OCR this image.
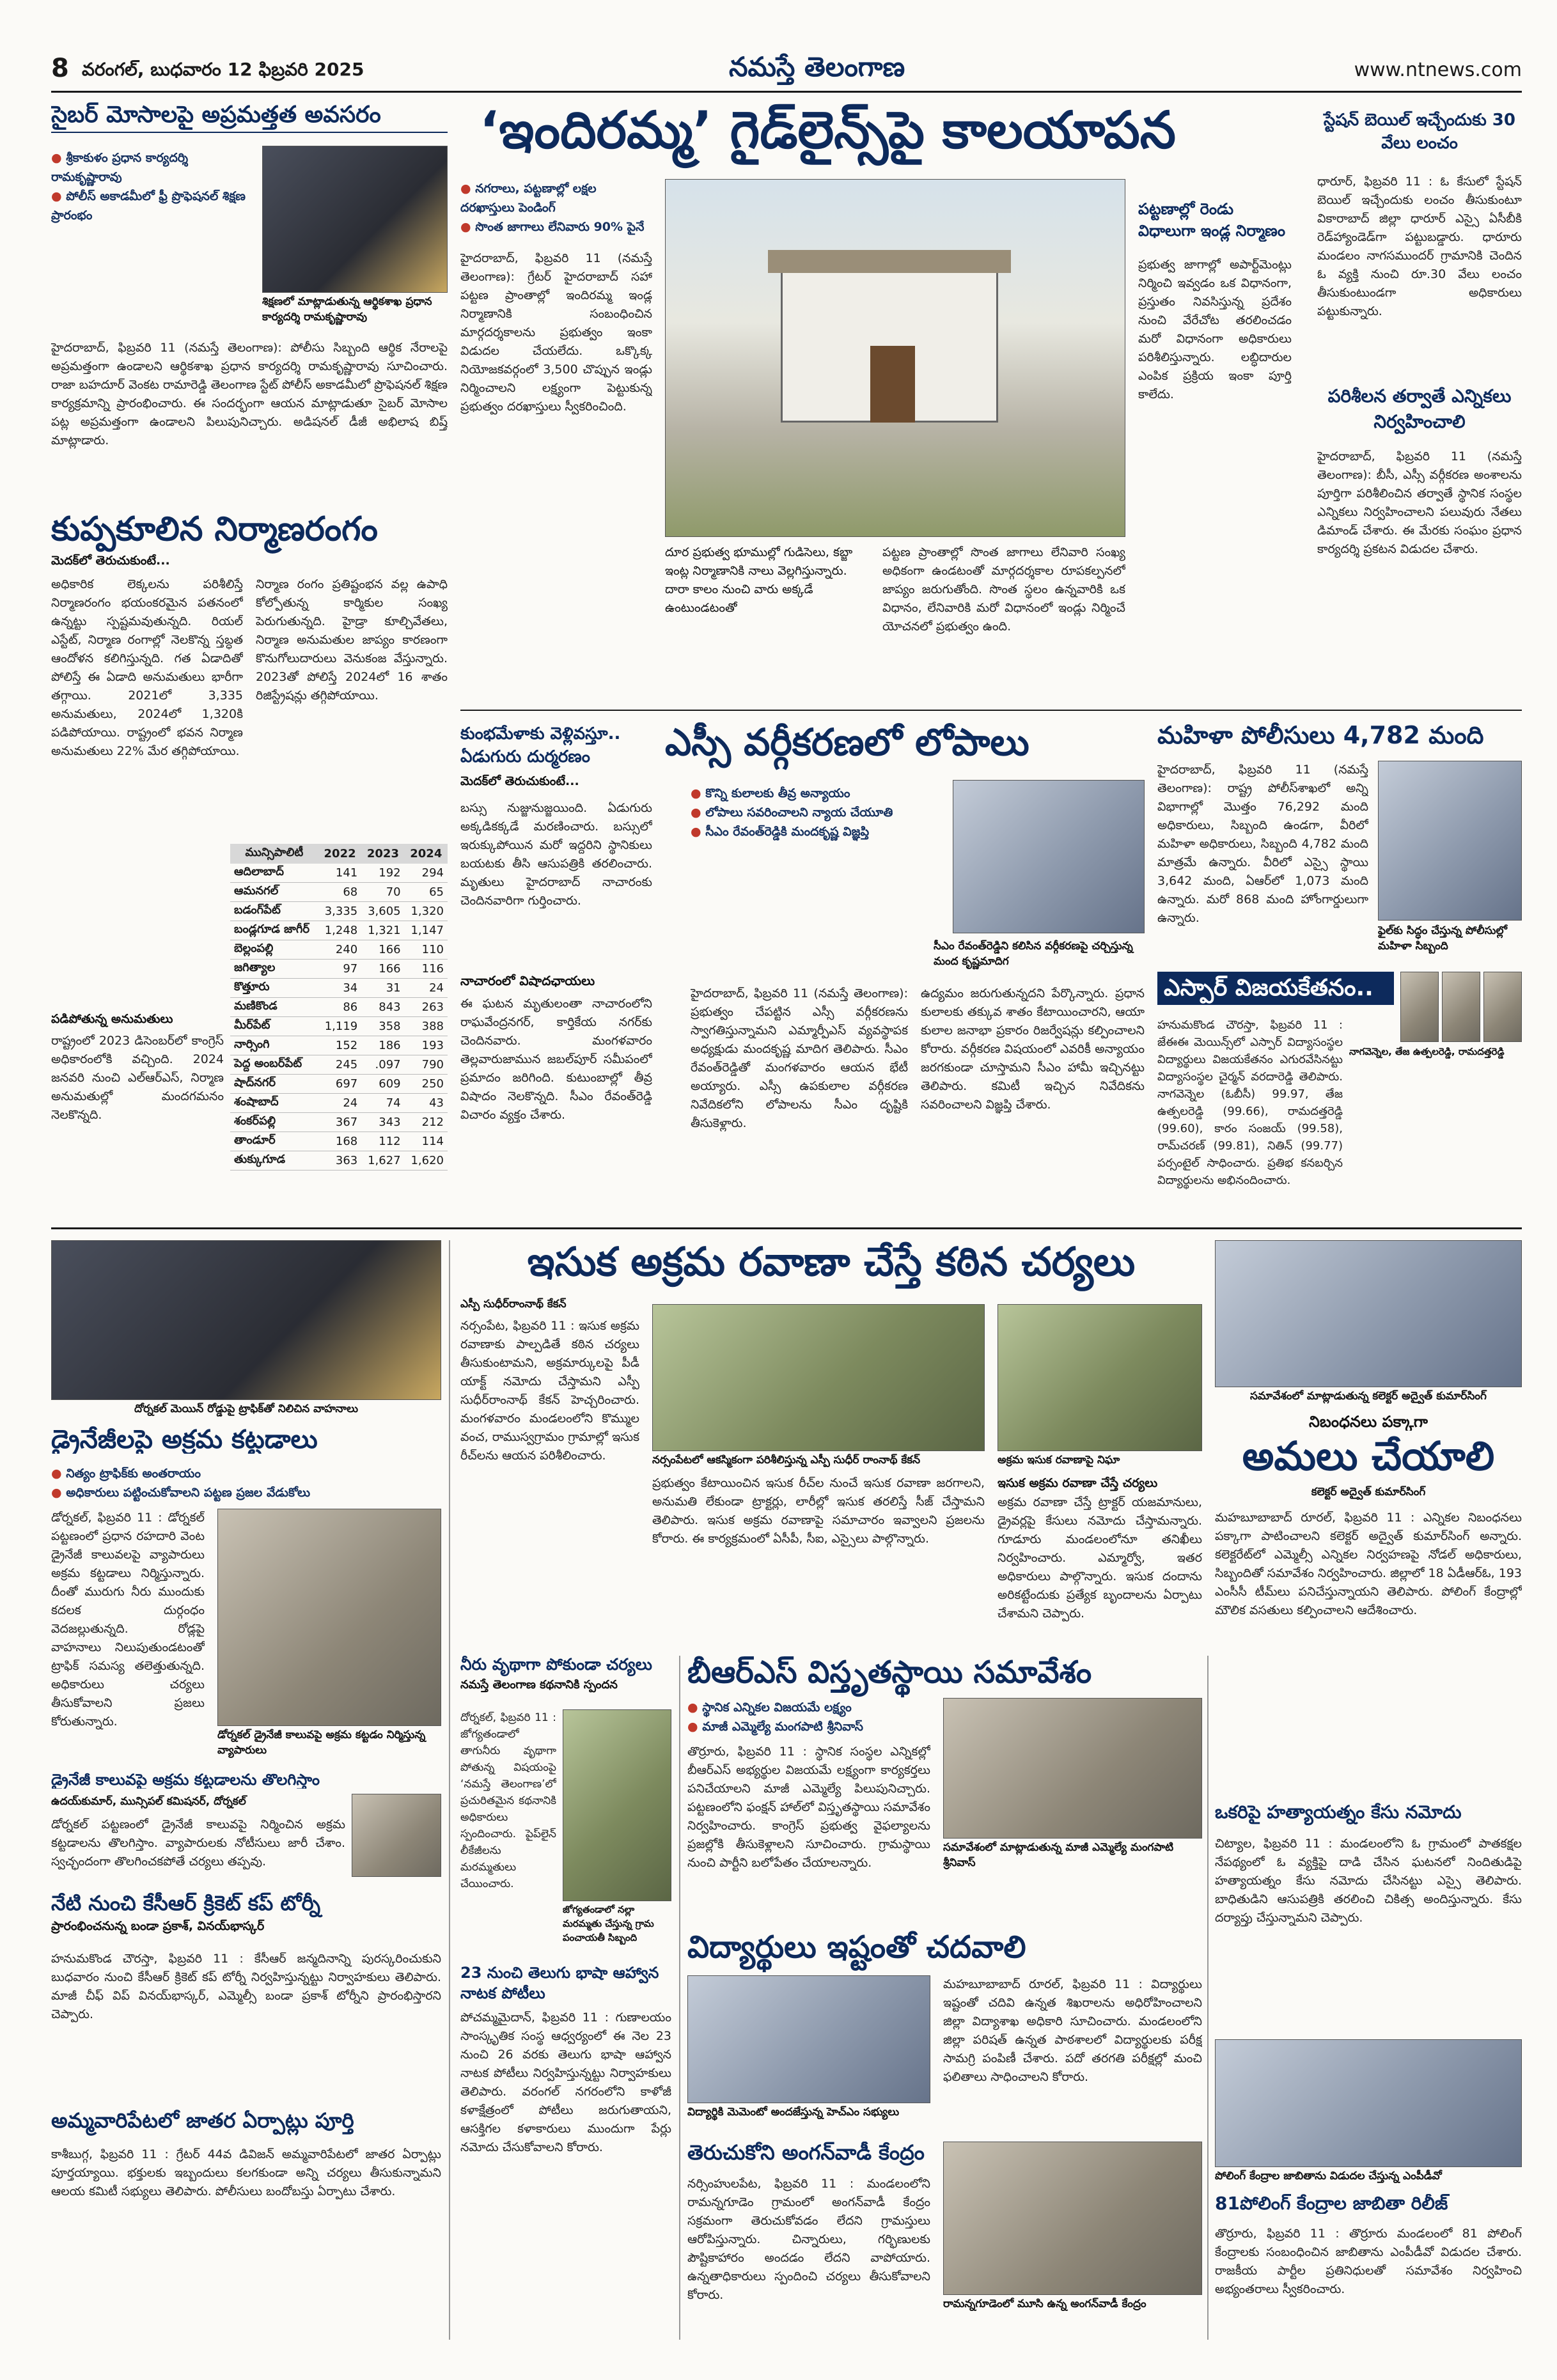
8 వరంగల్, బుధవారం 12 ఫిబ్రవరి 2025	నమస్తే తెలంగాణ	www.ntnews.com
సైబర్ మోసాలపై అప్రమత్తత అవసరం
● శ్రీకాకుళం ప్రధాన కార్యదర్శి రామకృష్ణారావు
● పోలీస్ అకాడమీలో ఫ్రీ ప్రొఫెషనల్ శిక్షణ ప్రారంభం
శిక్షణలో మాట్లాడుతున్న ఆర్థికశాఖ ప్రధాన కార్యదర్శి రామకృష్ణారావు
హైదరాబాద్, ఫిబ్రవరి 11 (నమస్తే తెలంగాణ): పోలీసు సిబ్బంది ఆర్థిక నేరాలపై అప్రమత్తంగా ఉండాలని ఆర్థికశాఖ ప్రధాన కార్యదర్శి రామకృష్ణారావు సూచించారు. రాజా బహదూర్ వెంకట రామారెడ్డి తెలంగాణ స్టేట్ పోలీస్ అకాడమీలో ప్రొఫెషనల్ శిక్షణ కార్యక్రమాన్ని ప్రారంభించారు. ఈ సందర్భంగా ఆయన మాట్లాడుతూ సైబర్ మోసాల పట్ల అప్రమత్తంగా ఉండాలని పిలుపునిచ్చారు. అడిషనల్ డీజీ అభిలాష బిష్త్ మాట్లాడారు.
కుప్పకూలిన నిర్మాణరంగం
మెదక్‌లో తెరుచుకుంటే...
అధికారిక లెక్కలను పరిశీలిస్తే నిర్మాణరంగం భయంకరమైన పతనంలో ఉన్నట్టు స్పష్టమవుతున్నది. రియల్ ఎస్టేట్, నిర్మాణ రంగాల్లో నెలకొన్న స్తబ్ధత ఆందోళన కలిగిస్తున్నది. గత ఏడాదితో పోలిస్తే ఈ ఏడాది అనుమతులు భారీగా తగ్గాయి. 2021లో 3,335 అనుమతులు, 2024లో 1,320కి పడిపోయాయి. రాష్ట్రంలో భవన నిర్మాణ అనుమతులు 22% మేర తగ్గిపోయాయి.
నిర్మాణ రంగం ప్రతిష్టంభన వల్ల ఉపాధి కోల్పోతున్న కార్మికుల సంఖ్య పెరుగుతున్నది. హైడ్రా కూల్చివేతలు, నిర్మాణ అనుమతుల జాప్యం కారణంగా కొనుగోలుదారులు వెనుకంజ వేస్తున్నారు. 2023తో పోలిస్తే 2024లో 16 శాతం రిజిస్ట్రేషన్లు తగ్గిపోయాయి.
మున్సిపాలిటీ	2022	2023	2024
ఆదిలాబాద్	141	192	294
ఆమనగల్	68	70	65
బడంగ్‌పేట్	3,335	3,605	1,320
బండ్లగూడ జాగీర్	1,248	1,321	1,147
బెల్లంపల్లి	240	166	110
జగిత్యాల	97	166	116
కొత్తూరు	34	31	24
మణికొండ	86	843	263
మీర్‌పేట్	1,119	358	388
నార్సింగి	152	186	193
పెద్ద అంబర్‌పేట్	245	.097	790
షాద్‌నగర్	697	609	250
శంషాబాద్	24	74	43
శంకర్‌పల్లి	367	343	212
తాండూర్	168	112	114
తుక్కుగూడ	363	1,627	1,620
పడిపోతున్న అనుమతులు
రాష్ట్రంలో 2023 డిసెంబర్‌లో కాంగ్రెస్ అధికారంలోకి వచ్చింది. 2024 జనవరి నుంచి ఎల్‌ఆర్‌ఎస్, నిర్మాణ అనుమతుల్లో మందగమనం నెలకొన్నది.
‘ఇందిరమ్మ’ గైడ్‌లైన్స్‌పై కాలయాపన
● నగరాలు, పట్టణాల్లో లక్షల దరఖాస్తులు పెండింగ్
● సొంత జాగాలు లేనివారు 90% పైనే
హైదరాబాద్, ఫిబ్రవరి 11 (నమస్తే తెలంగాణ): గ్రేటర్ హైదరాబాద్ సహా పట్టణ ప్రాంతాల్లో ఇందిరమ్మ ఇండ్ల నిర్మాణానికి సంబంధించిన మార్గదర్శకాలను ప్రభుత్వం ఇంకా విడుదల చేయలేదు. ఒక్కొక్క నియోజకవర్గంలో 3,500 చొప్పున ఇండ్లు నిర్మించాలని లక్ష్యంగా పెట్టుకున్న ప్రభుత్వం దరఖాస్తులు స్వీకరించింది.
దూర ప్రభుత్వ భూముల్లో గుడిసెలు, కబ్జా ఇంట్ల నిర్మాణానికి నాలు వెల్లగిస్తున్నారు. దారా కాలం నుంచి వారు అక్కడే ఉంటుండటంతో
పట్టణ ప్రాంతాల్లో సొంత జాగాలు లేనివారి సంఖ్య అధికంగా ఉండటంతో మార్గదర్శకాల రూపకల్పనలో జాప్యం జరుగుతోంది. సొంత స్థలం ఉన్నవారికి ఒక విధానం, లేనివారికి మరో విధానంలో ఇండ్లు నిర్మించే యోచనలో ప్రభుత్వం ఉంది.
పట్టణాల్లో రెండు విధాలుగా ఇండ్ల నిర్మాణం
ప్రభుత్వ జాగాల్లో అపార్ట్‌మెంట్లు నిర్మించి ఇవ్వడం ఒక విధానంగా, ప్రస్తుతం నివసిస్తున్న ప్రదేశం నుంచి వేరేచోట తరలించడం మరో విధానంగా అధికారులు పరిశీలిస్తున్నారు. లబ్ధిదారుల ఎంపిక ప్రక్రియ ఇంకా పూర్తి కాలేదు.
స్టేషన్ బెయిల్ ఇచ్చేందుకు 30 వేలు లంచం
ధారూర్, ఫిబ్రవరి 11 : ఓ కేసులో స్టేషన్ బెయిల్ ఇచ్చేందుకు లంచం తీసుకుంటూ వికారాబాద్ జిల్లా ధారూర్ ఎస్సై ఏసీబీకి రెడ్‌హ్యాండెడ్‌గా పట్టుబడ్డారు. ధారూరు మండలం నాగసముందర్ గ్రామానికి చెందిన ఓ వ్యక్తి నుంచి రూ.30 వేలు లంచం తీసుకుంటుండగా అధికారులు పట్టుకున్నారు.
పరిశీలన తర్వాతే ఎన్నికలు నిర్వహించాలి
హైదరాబాద్, ఫిబ్రవరి 11 (నమస్తే తెలంగాణ): బీసీ, ఎస్సీ వర్గీకరణ అంశాలను పూర్తిగా పరిశీలించిన తర్వాతే స్థానిక సంస్థల ఎన్నికలు నిర్వహించాలని పలువురు నేతలు డిమాండ్ చేశారు. ఈ మేరకు సంఘం ప్రధాన కార్యదర్శి ప్రకటన విడుదల చేశారు.
కుంభమేళాకు వెళ్లివస్తూ.. ఏడుగురు దుర్మరణం
మెదక్‌లో తెరుచుకుంటే...
బస్సు నుజ్జునుజ్జయింది. ఏడుగురు అక్కడికక్కడే మరణించారు. బస్సులో ఇరుక్కుపోయిన మరో ఇద్దరిని స్థానికులు బయటకు తీసి ఆసుపత్రికి తరలించారు. మృతులు హైదరాబాద్ నాచారంకు చెందినవారిగా గుర్తించారు.
నాచారంలో విషాదఛాయలు
ఈ ఘటన మృతులంతా నాచారంలోని రాఘవేంద్రనగర్, కార్తికేయ నగర్‌కు చెందినవారు. మంగళవారం తెల్లవారుజామున జబల్‌పూర్ సమీపంలో ప్రమాదం జరిగింది. కుటుంబాల్లో తీవ్ర విషాదం నెలకొన్నది. సీఎం రేవంత్‌రెడ్డి విచారం వ్యక్తం చేశారు.
ఎస్సీ వర్గీకరణలో లోపాలు
● కొన్ని కులాలకు తీవ్ర అన్యాయం
● లోపాలు సవరించాలని న్యాయ చేయూతి
● సీఎం రేవంత్‌రెడ్డికి మందకృష్ణ విజ్ఞప్తి
సీఎం రేవంత్‌రెడ్డిని కలిసిన వర్గీకరణపై చర్చిస్తున్న మంద కృష్ణమాదిగ
హైదరాబాద్, ఫిబ్రవరి 11 (నమస్తే తెలంగాణ): ప్రభుత్వం చేపట్టిన ఎస్సీ వర్గీకరణను స్వాగతిస్తున్నామని ఎమ్మార్పీఎస్ వ్యవస్థాపక అధ్యక్షుడు మందకృష్ణ మాదిగ తెలిపారు. సీఎం రేవంత్‌రెడ్డితో మంగళవారం ఆయన భేటీ అయ్యారు. ఎస్సీ ఉపకులాల వర్గీకరణ నివేదికలోని లోపాలను సీఎం దృష్టికి తీసుకెళ్లారు.
ఉద్యమం జరుగుతున్నదని పేర్కొన్నారు. ప్రధాన కులాలకు తక్కువ శాతం కేటాయించారని, ఆయా కులాల జనాభా ప్రకారం రిజర్వేషన్లు కల్పించాలని కోరారు. వర్గీకరణ విషయంలో ఎవరికీ అన్యాయం జరగకుండా చూస్తామని సీఎం హామీ ఇచ్చినట్టు తెలిపారు. కమిటీ ఇచ్చిన నివేదికను సవరించాలని విజ్ఞప్తి చేశారు.
మహిళా పోలీసులు 4,782 మంది
హైదరాబాద్, ఫిబ్రవరి 11 (నమస్తే తెలంగాణ): రాష్ట్ర పోలీస్‌శాఖలో అన్ని విభాగాల్లో మొత్తం 76,292 మంది అధికారులు, సిబ్బంది ఉండగా, వీరిలో మహిళా అధికారులు, సిబ్బంది 4,782 మంది మాత్రమే ఉన్నారు. వీరిలో ఎస్సై స్థాయి 3,642 మంది, ఏఆర్‌లో 1,073 మంది ఉన్నారు. మరో 868 మంది హోంగార్డులుగా ఉన్నారు.
ఫైల్‌కు సిద్ధం చేస్తున్న పోలీసుల్లో మహిళా సిబ్బంది
ఎస్పార్ విజయకేతనం..
నాగవెన్నెల, తేజ ఉత్పలరెడ్డి, రామదత్తరెడ్డి
హనుమకొండ చౌరస్తా, ఫిబ్రవరి 11 : జేఈఈ మెయిన్స్‌లో ఎస్పార్ విద్యాసంస్థల విద్యార్థులు విజయకేతనం ఎగురవేసినట్టు విద్యాసంస్థల చైర్మన్ వరదారెడ్డి తెలిపారు. నాగవెన్నెల (ఓబీసీ) 99.97, తేజ ఉత్పలరెడ్డి (99.66), రామదత్తరెడ్డి (99.60), కారం సంజయ్ (99.58), రామ్‌చరణ్ (99.81), నితిన్ (99.77) పర్సంటైల్ సాధించారు. ప్రతిభ కనబర్చిన విద్యార్థులను అభినందించారు.
దోర్నకల్ మెయిన్ రోడ్డుపై ట్రాఫిక్‌తో నిలిచిన వాహనాలు
డ్రైనేజీలపై అక్రమ కట్టడాలు
● నిత్యం ట్రాఫిక్‌కు అంతరాయం
● అధికారులు పట్టించుకోవాలని పట్టణ ప్రజల వేడుకోలు
డోర్నకల్, ఫిబ్రవరి 11 : డోర్నకల్ పట్టణంలో ప్రధాన రహదారి వెంట డ్రైనేజీ కాలువలపై వ్యాపారులు అక్రమ కట్టడాలు నిర్మిస్తున్నారు. దీంతో మురుగు నీరు ముందుకు కదలక దుర్గంధం వెదజల్లుతున్నది. రోడ్లపై వాహనాలు నిలుపుతుండటంతో ట్రాఫిక్ సమస్య తలెత్తుతున్నది. అధికారులు చర్యలు తీసుకోవాలని ప్రజలు కోరుతున్నారు.
డోర్నకల్ డ్రైనేజీ కాలువపై అక్రమ కట్టడం నిర్మిస్తున్న వ్యాపారులు
డ్రైనేజీ కాలువపై అక్రమ కట్టడాలను తొలగిస్తాం
ఉదయ్‌కుమార్, మున్సిపల్ కమిషనర్, దోర్నకల్
డోర్నకల్ పట్టణంలో డ్రైనేజీ కాలువపై నిర్మించిన అక్రమ కట్టడాలను తొలగిస్తాం. వ్యాపారులకు నోటీసులు జారీ చేశాం. స్వచ్ఛందంగా తొలగించకపోతే చర్యలు తప్పవు.
నేటి నుంచి కేసీఆర్ క్రికెట్ కప్ టోర్నీ
ప్రారంభించనున్న బండా ప్రకాశ్, వినయ్‌భాస్కర్
హనుమకొండ చౌరస్తా, ఫిబ్రవరి 11 : కేసీఆర్ జన్మదినాన్ని పురస్కరించుకుని బుధవారం నుంచి కేసీఆర్ క్రికెట్ కప్ టోర్నీ నిర్వహిస్తున్నట్టు నిర్వాహకులు తెలిపారు. మాజీ చీఫ్ విప్ వినయ్‌భాస్కర్, ఎమ్మెల్సీ బండా ప్రకాశ్ టోర్నీని ప్రారంభిస్తారని చెప్పారు.
అమ్మవారిపేటలో జాతర ఏర్పాట్లు పూర్తి
కాశీబుగ్గ, ఫిబ్రవరి 11 : గ్రేటర్ 44వ డివిజన్ అమ్మవారిపేటలో జాతర ఏర్పాట్లు పూర్తయ్యాయి. భక్తులకు ఇబ్బందులు కలగకుండా అన్ని చర్యలు తీసుకున్నామని ఆలయ కమిటీ సభ్యులు తెలిపారు. పోలీసులు బందోబస్తు ఏర్పాటు చేశారు.
ఇసుక అక్రమ రవాణా చేస్తే కఠిన చర్యలు
ఎస్పీ సుధీర్‌రాంనాథ్ కేకన్
నర్సంపేట, ఫిబ్రవరి 11 : ఇసుక అక్రమ రవాణాకు పాల్పడితే కఠిన చర్యలు తీసుకుంటామని, అక్రమార్కులపై పీడీ యాక్ట్ నమోదు చేస్తామని ఎస్పీ సుధీర్‌రాంనాథ్ కేకన్ హెచ్చరించారు. మంగళవారం మండలంలోని కొమ్ముల వంచ, రాముస్వగ్రామం గ్రామాల్లో ఇసుక రీచ్‌లను ఆయన పరిశీలించారు.	నర్సంపేటలో ఆకస్మికంగా పరిశీలిస్తున్న ఎస్పీ సుధీర్ రాంనాథ్ కేకన్	అక్రమ ఇసుక రవాణాపై నిఘా
ప్రభుత్వం కేటాయించిన ఇసుక రీచ్‌ల నుంచే ఇసుక రవాణా జరగాలని, అనుమతి లేకుండా ట్రాక్టర్లు, లారీల్లో ఇసుక తరలిస్తే సీజ్ చేస్తామని తెలిపారు. ఇసుక అక్రమ రవాణాపై సమాచారం ఇవ్వాలని ప్రజలను కోరారు. ఈ కార్యక్రమంలో ఏసీపీ, సీఐ, ఎస్సైలు పాల్గొన్నారు.
ఇసుక అక్రమ రవాణా చేస్తే చర్యలు
అక్రమ రవాణా చేస్తే ట్రాక్టర్ యజమానులు, డ్రైవర్లపై కేసులు నమోదు చేస్తామన్నారు. గూడూరు మండలంలోనూ తనిఖీలు నిర్వహించారు. ఎమ్మార్వో, ఇతర అధికారులు పాల్గొన్నారు. ఇసుక దందాను అరికట్టేందుకు ప్రత్యేక బృందాలను ఏర్పాటు చేశామని చెప్పారు.
సమావేశంలో మాట్లాడుతున్న కలెక్టర్ అద్వైత్ కుమార్‌సింగ్
నిబంధనలు పక్కాగా
అమలు చేయాలి
కలెక్టర్ అద్వైత్ కుమార్‌సింగ్
మహబూబాబాద్ రూరల్, ఫిబ్రవరి 11 : ఎన్నికల నిబంధనలు పక్కాగా పాటించాలని కలెక్టర్ అద్వైత్ కుమార్‌సింగ్ అన్నారు. కలెక్టరేట్‌లో ఎమ్మెల్సీ ఎన్నికల నిర్వహణపై నోడల్ అధికారులు, సిబ్బందితో సమావేశం నిర్వహించారు. జిల్లాలో 18 ఏడీఆర్‌ఓ, 193 ఎంసీసీ టీమ్‌లు పనిచేస్తున్నాయని తెలిపారు. పోలింగ్ కేంద్రాల్లో మౌలిక వసతులు కల్పించాలని ఆదేశించారు.
నీరు వృథాగా పోకుండా చర్యలు
నమస్తే తెలంగాణ కథనానికి స్పందన
దోర్నకల్, ఫిబ్రవరి 11 : జోగ్యతండాలో తాగునీరు వృథాగా పోతున్న విషయంపై ‘నమస్తే తెలంగాణ’లో ప్రచురితమైన కథనానికి అధికారులు స్పందించారు. పైప్‌లైన్ లీకేజీలను మరమ్మతులు చేయించారు.
జోగ్యతండాలో నల్లా మరమ్మతు చేస్తున్న గ్రామ పంచాయతీ సిబ్బంది
23 నుంచి తెలుగు భాషా ఆహ్వాన నాటక పోటీలు
పోచమ్మమైదాన్, ఫిబ్రవరి 11 : గుణాలయం సాంస్కృతిక సంస్థ ఆధ్వర్యంలో ఈ నెల 23 నుంచి 26 వరకు తెలుగు భాషా ఆహ్వాన నాటక పోటీలు నిర్వహిస్తున్నట్టు నిర్వాహకులు తెలిపారు. వరంగల్ నగరంలోని కాళోజీ కళాక్షేత్రంలో పోటీలు జరుగుతాయని, ఆసక్తిగల కళాకారులు ముందుగా పేర్లు నమోదు చేసుకోవాలని కోరారు.
బీఆర్ఎస్ విస్తృతస్థాయి సమావేశం
● స్థానిక ఎన్నికల విజయమే లక్ష్యం
● మాజీ ఎమ్మెల్యే మంగపాటి శ్రీనివాస్
తొర్రూరు, ఫిబ్రవరి 11 : స్థానిక సంస్థల ఎన్నికల్లో బీఆర్ఎస్ అభ్యర్థుల విజయమే లక్ష్యంగా కార్యకర్తలు పనిచేయాలని మాజీ ఎమ్మెల్యే పిలుపునిచ్చారు. పట్టణంలోని ఫంక్షన్ హాల్‌లో విస్తృతస్థాయి సమావేశం నిర్వహించారు. కాంగ్రెస్ ప్రభుత్వ వైఫల్యాలను ప్రజల్లోకి తీసుకెళ్లాలని సూచించారు. గ్రామస్థాయి నుంచి పార్టీని బలోపేతం చేయాలన్నారు.
సమావేశంలో మాట్లాడుతున్న మాజీ ఎమ్మెల్యే మంగపాటి శ్రీనివాస్
విద్యార్థులు ఇష్టంతో చదవాలి
విద్యార్థికి మెమెంటో అందజేస్తున్న హెచ్‌ఎం సభ్యులు
మహబూబాబాద్ రూరల్, ఫిబ్రవరి 11 : విద్యార్థులు ఇష్టంతో చదివి ఉన్నత శిఖరాలను అధిరోహించాలని జిల్లా విద్యాశాఖ అధికారి సూచించారు. మండలంలోని జిల్లా పరిషత్ ఉన్నత పాఠశాలలో విద్యార్థులకు పరీక్ష సామగ్రి పంపిణీ చేశారు. పదో తరగతి పరీక్షల్లో మంచి ఫలితాలు సాధించాలని కోరారు.
తెరుచుకోని అంగన్‌వాడీ కేంద్రం
నర్సింహులపేట, ఫిబ్రవరి 11 : మండలంలోని రామన్నగూడెం గ్రామంలో అంగన్‌వాడీ కేంద్రం సక్రమంగా తెరుచుకోవడం లేదని గ్రామస్తులు ఆరోపిస్తున్నారు. చిన్నారులు, గర్భిణులకు పౌష్టికాహారం అందడం లేదని వాపోయారు. ఉన్నతాధికారులు స్పందించి చర్యలు తీసుకోవాలని కోరారు.
రామన్నగూడెంలో మూసి ఉన్న అంగన్‌వాడీ కేంద్రం
ఒకరిపై హత్యాయత్నం కేసు నమోదు
చిట్యాల, ఫిబ్రవరి 11 : మండలంలోని ఓ గ్రామంలో పాతకక్షల నేపథ్యంలో ఓ వ్యక్తిపై దాడి చేసిన ఘటనలో నిందితుడిపై హత్యాయత్నం కేసు నమోదు చేసినట్టు ఎస్సై తెలిపారు. బాధితుడిని ఆసుపత్రికి తరలించి చికిత్స అందిస్తున్నారు. కేసు దర్యాప్తు చేస్తున్నామని చెప్పారు.
పోలింగ్ కేంద్రాల జాబితాను విడుదల చేస్తున్న ఎంపీడీవో
81పోలింగ్ కేంద్రాల జాబితా రిలీజ్
తొర్రూరు, ఫిబ్రవరి 11 : తొర్రూరు మండలంలో 81 పోలింగ్ కేంద్రాలకు సంబంధించిన జాబితాను ఎంపీడీవో విడుదల చేశారు. రాజకీయ పార్టీల ప్రతినిధులతో సమావేశం నిర్వహించి అభ్యంతరాలు స్వీకరించారు.
